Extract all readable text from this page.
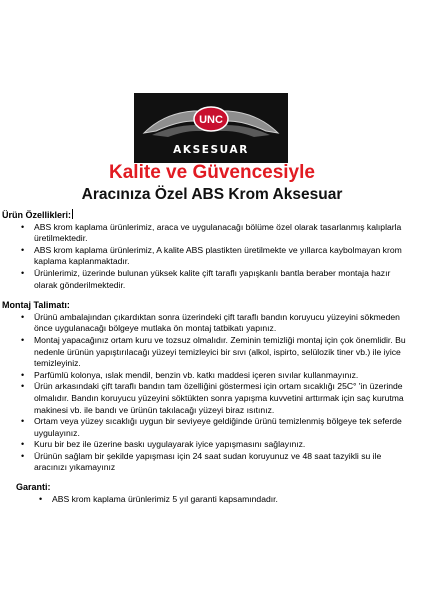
UNC
AKSESUAR
Kalite ve Güvencesiyle
Aracınıza Özel ABS Krom Aksesuar

Ürün Özellikleri:

• ABS krom kaplama ürünlerimiz, araca ve uygulanacağı bölüme özel olarak tasarlanmış kalıplarla üretilmektedir.
• ABS krom kaplama ürünlerimiz, A kalite ABS plastikten üretilmekte ve yıllarca kaybolmayan krom kaplama kaplanmaktadır.
• Ürünlerimiz, üzerinde bulunan yüksek kalite çift taraflı yapışkanlı bantla beraber montaja hazır olarak gönderilmektedir.

Montaj Talimatı:

• Ürünü ambalajından çıkardıktan sonra üzerindeki çift taraflı bandın koruyucu yüzeyini sökmeden önce uygulanacağı bölgeye mutlaka ön montaj tatbikatı yapınız.
• Montaj yapacağınız ortam kuru ve tozsuz olmalıdır. Zeminin temizliği montaj için çok önemlidir. Bu nedenle ürünün yapıştırılacağı yüzeyi temizleyici bir sıvı (alkol, ispirto, selülozik tiner vb.) ile iyice temizleyiniz.
• Parfümlü kolonya, ıslak mendil, benzin vb. katkı maddesi içeren sıvılar kullanmayınız.
• Ürün arkasındaki çift taraflı bandın tam özelliğini göstermesi için ortam sıcaklığı 25C° 'in üzerinde olmalıdır. Bandın koruyucu yüzeyini söktükten sonra yapışma kuvvetini arttırmak için saç kurutma makinesi vb. ile bandı ve ürünün takılacağı yüzeyi biraz ısıtınız.
• Ortam veya yüzey sıcaklığı uygun bir seviyeye geldiğinde ürünü temizlenmiş bölgeye tek seferde uygulayınız.
• Kuru bir bez ile üzerine baskı uygulayarak iyice yapışmasını sağlayınız.
• Ürünün sağlam bir şekilde yapışması için 24 saat sudan koruyunuz ve 48 saat tazyikli su ile aracınızı yıkamayınız

Garanti:

• ABS krom kaplama ürünlerimiz 5 yıl garanti kapsamındadır.
